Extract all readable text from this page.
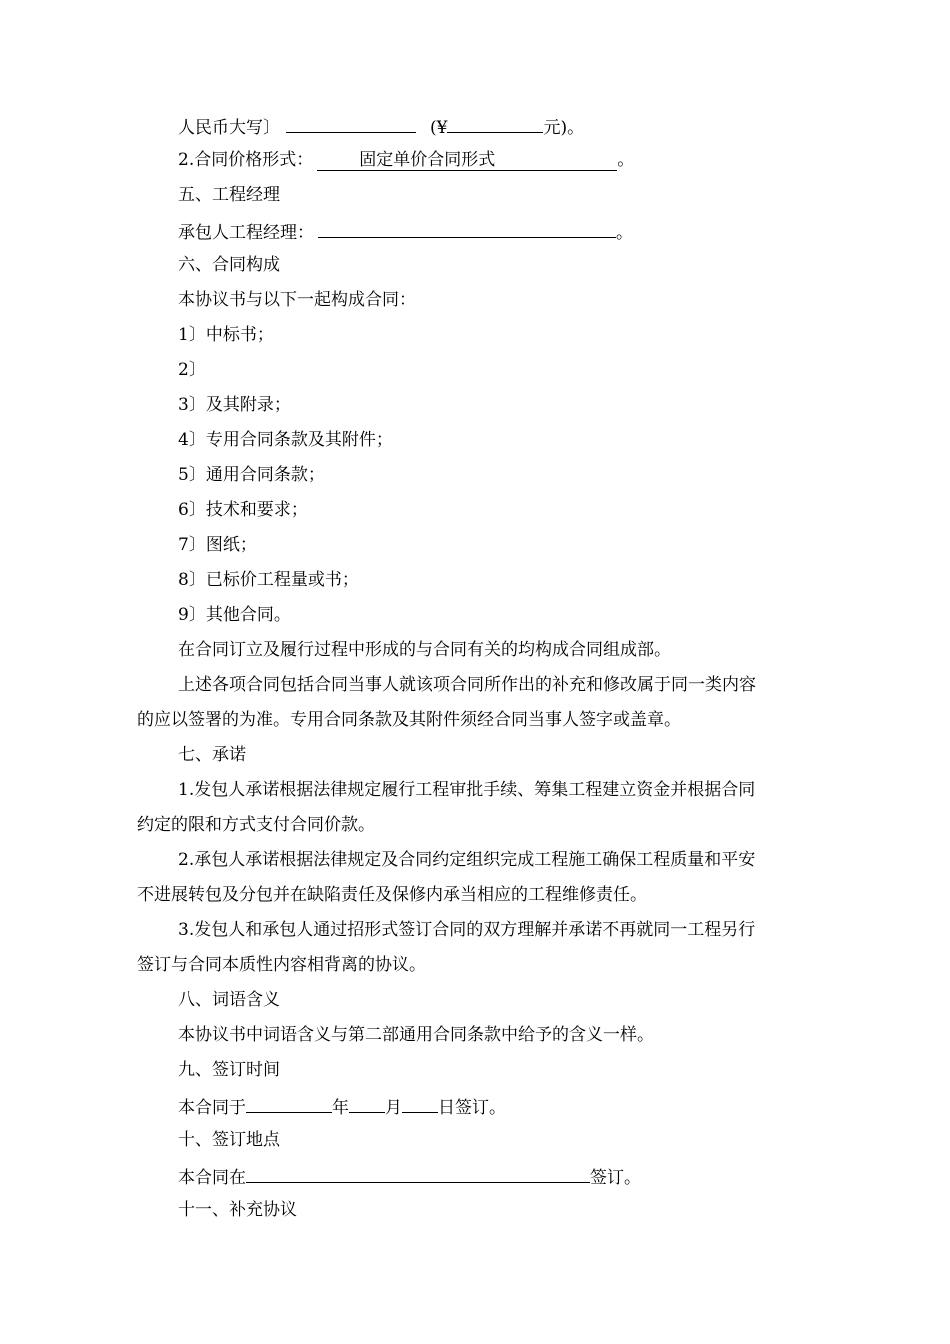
人民币大写〕	(¥	元)。
2.合同价格形式：	固定单价合同形式	。
五、工程经理
承包人工程经理：	。
六、合同构成
本协议书与以下一起构成合同：
1〕中标书；
2〕
3〕及其附录；
4〕专用合同条款及其附件；
5〕通用合同条款；
6〕技术和要求；
7〕图纸；
8〕已标价工程量或书；
9〕其他合同。
在合同订立及履行过程中形成的与合同有关的均构成合同组成部。
上述各项合同包括合同当事人就该项合同所作出的补充和修改属于同一类内容
的应以签署的为准。专用合同条款及其附件须经合同当事人签字或盖章。
七、承诺
1.发包人承诺根据法律规定履行工程审批手续、筹集工程建立资金并根据合同
约定的限和方式支付合同价款。
2.承包人承诺根据法律规定及合同约定组织完成工程施工确保工程质量和平安
不进展转包及分包并在缺陷责任及保修内承当相应的工程维修责任。
3.发包人和承包人通过招形式签订合同的双方理解并承诺不再就同一工程另行
签订与合同本质性内容相背离的协议。
八、词语含义
本协议书中词语含义与第二部通用合同条款中给予的含义一样。
九、签订时间
本合同于	年 月 日签订。
十、签订地点
本合同在	签订。
十一、补充协议
